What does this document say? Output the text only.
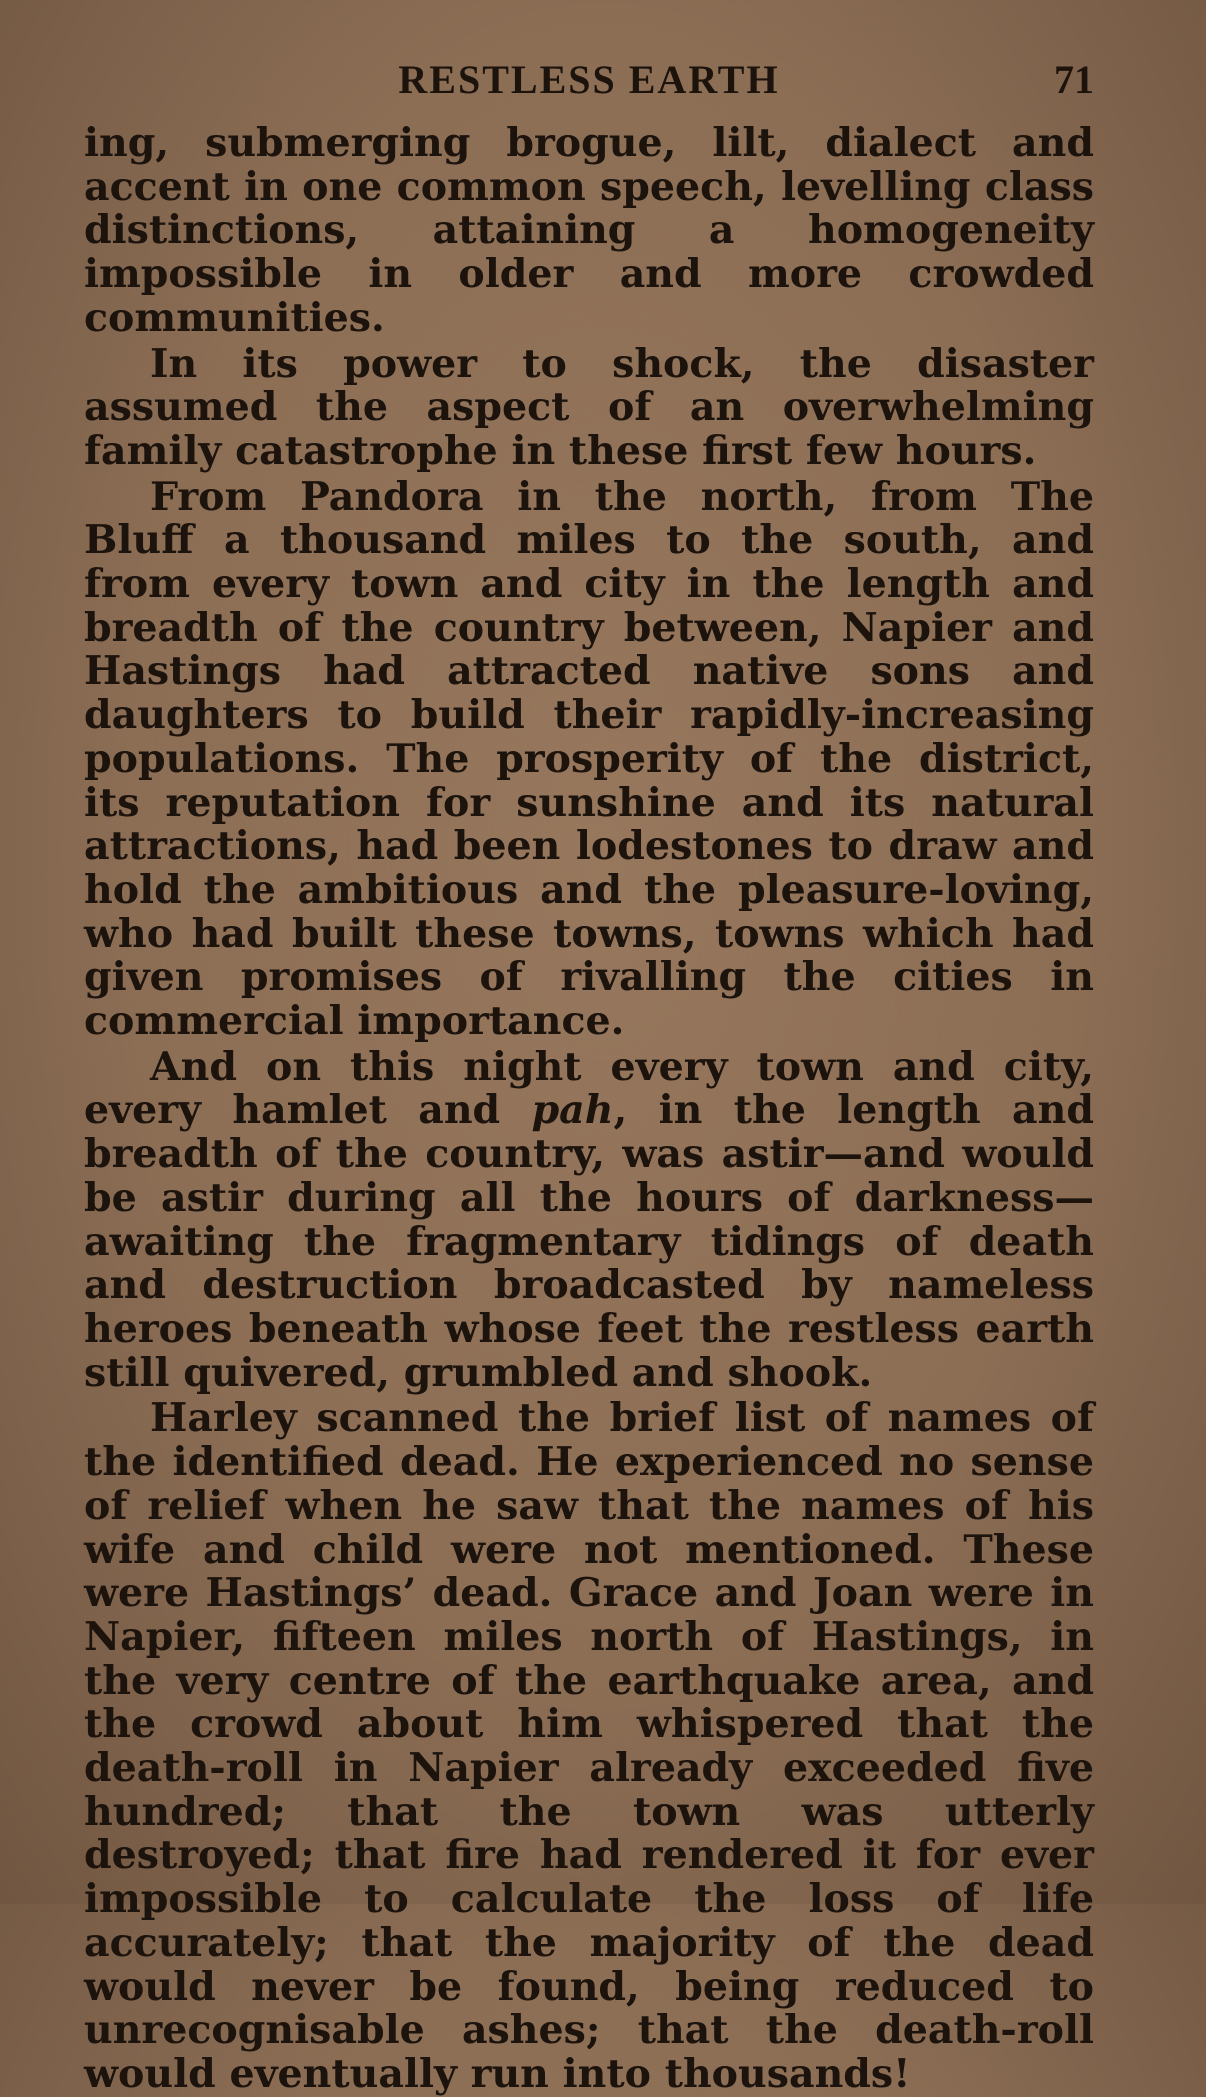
RESTLESS EARTH	71

ing, submerging brogue, lilt, dialect and accent in one common speech, levelling class distinctions, attaining a homogeneity impossible in older and more crowded communities.

In its power to shock, the disaster assumed the aspect of an overwhelming family catastrophe in these first few hours.

From Pandora in the north, from The Bluff a thousand miles to the south, and from every town and city in the length and breadth of the country between, Napier and Hastings had attracted native sons and daughters to build their rapidly-increasing populations. The prosperity of the district, its reputation for sunshine and its natural attractions, had been lodestones to draw and hold the ambitious and the pleasure-loving, who had built these towns, towns which had given promises of rivalling the cities in commercial importance.

And on this night every town and city, every hamlet and pah, in the length and breadth of the country, was astir—and would be astir during all the hours of darkness—awaiting the fragmentary tidings of death and destruction broadcasted by nameless heroes beneath whose feet the restless earth still quivered, grumbled and shook.

Harley scanned the brief list of names of the identified dead. He experienced no sense of relief when he saw that the names of his wife and child were not mentioned. These were Hastings’ dead. Grace and Joan were in Napier, fifteen miles north of Hastings, in the very centre of the earthquake area, and the crowd about him whispered that the death-roll in Napier already exceeded five hundred; that the town was utterly destroyed; that fire had rendered it for ever impossible to calculate the loss of life accurately; that the majority of the dead would never be found, being reduced to unrecognisable ashes; that the death-roll would eventually run into thousands!
